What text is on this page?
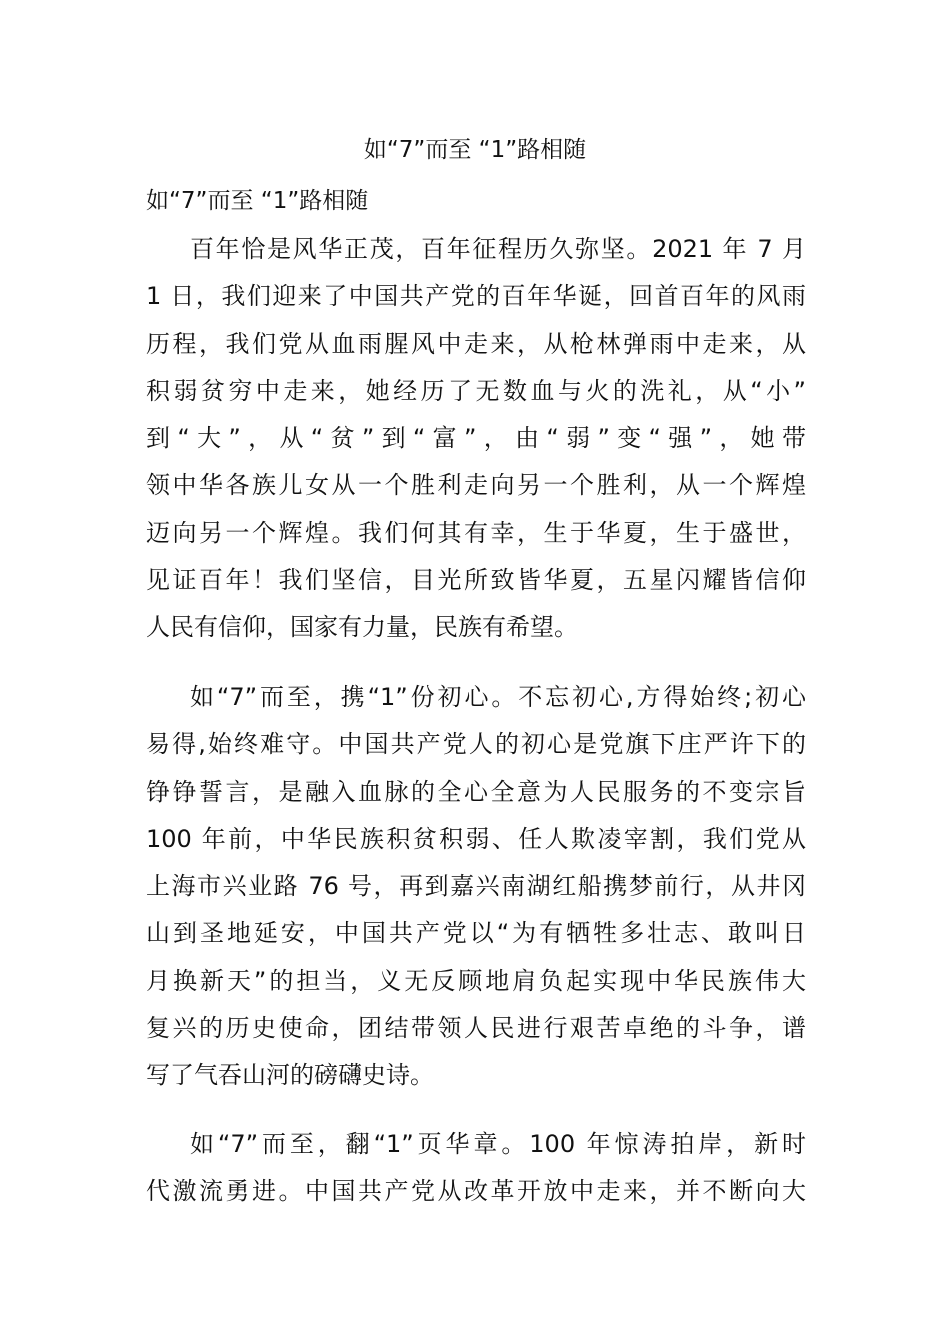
如“7”而至 “1”路相随
如“7”而至 “1”路相随
百年恰是风华正茂，百年征程历久弥坚。2021 年 7 月
1 日，我们迎来了中国共产党的百年华诞，回首百年的风雨
历程，我们党从血雨腥风中走来，从枪林弹雨中走来，从
积弱贫穷中走来，她经历了无数血与火的洗礼，从“小”
到“大”，从“贫”到“富”，由“弱”变“强”，她带
领中华各族儿女从一个胜利走向另一个胜利，从一个辉煌
迈向另一个辉煌。我们何其有幸，生于华夏，生于盛世，
见证百年！我们坚信，目光所致皆华夏，五星闪耀皆信仰
人民有信仰，国家有力量，民族有希望。
如“7”而至，携“1”份初心。不忘初心,方得始终;初心
易得,始终难守。中国共产党人的初心是党旗下庄严许下的
铮铮誓言，是融入血脉的全心全意为人民服务的不变宗旨
100 年前，中华民族积贫积弱、任人欺凌宰割，我们党从
上海市兴业路 76 号，再到嘉兴南湖红船携梦前行，从井冈
山到圣地延安，中国共产党以“为有牺牲多壮志、敢叫日
月换新天”的担当，义无反顾地肩负起实现中华民族伟大
复兴的历史使命，团结带领人民进行艰苦卓绝的斗争，谱
写了气吞山河的磅礴史诗。
如“7”而至，翻“1”页华章。100 年惊涛拍岸，新时
代激流勇进。中国共产党从改革开放中走来，并不断向大
